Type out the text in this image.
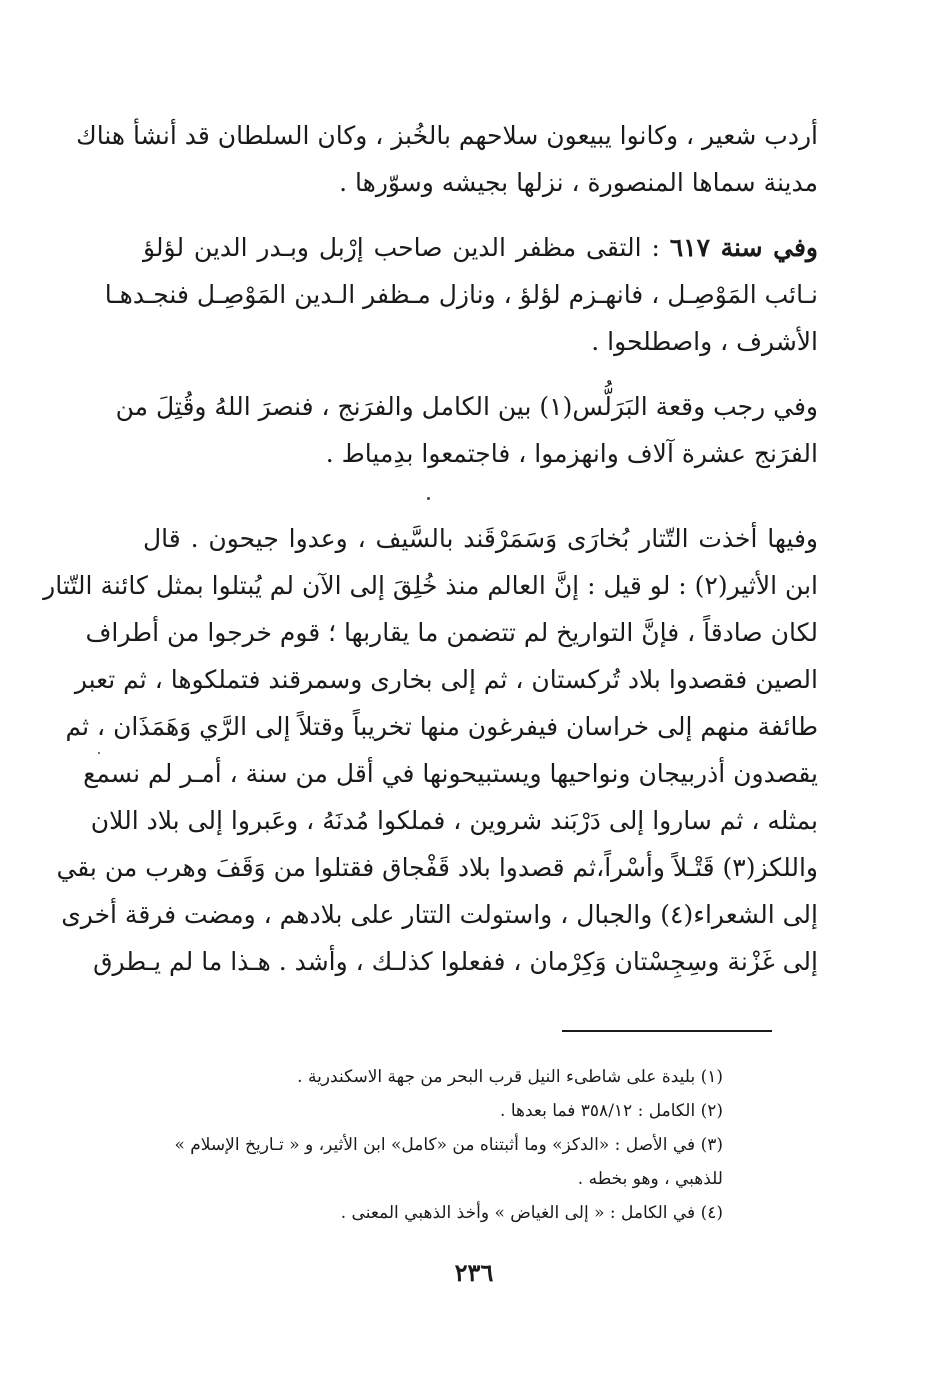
أردب شعير ، وكانوا يبيعون سلاحهم بالخُبز ، وكان السلطان قد أنشأ هناك
مدينة سماها المنصورة ، نزلها بجيشه وسوّرها .
وفي سنة ٦١٧ : التقى مظفر الدين صاحب إرْبل وبـدر الدين لؤلؤ
نـائب المَوْصِـل ، فانهـزم لؤلؤ ، ونازل مـظفر الـدين المَوْصِـل فنجـدهـا
الأشرف ، واصطلحوا .
وفي رجب وقعة البَرَلُّس(١) بين الكامل والفرَنج ، فنصرَ اللهُ وقُتِلَ من
الفرَنج عشرة آلاف وانهزموا ، فاجتمعوا بدِمياط .
وفيها أخذت التّتار بُخارَى وَسَمَرْقَند بالسَّيف ، وعدوا جيحون . قال
ابن الأثير(٢) : لو قيل : إنَّ العالم منذ خُلِقَ إلى الآن لم يُبتلوا بمثل كائنة التّتار
لكان صادقاً ، فإنَّ التواريخ لم تتضمن ما يقاربها ؛ قوم خرجوا من أطراف
الصين فقصدوا بلاد تُركستان ، ثم إلى بخارى وسمرقند فتملكوها ، ثم تعبر
طائفة منهم إلى خراسان فيفرغون منها تخريباً وقتلاً إلى الرَّي وَهَمَذَان ، ثم
يقصدون أذربيجان ونواحيها ويستبيحونها في أقل من سنة ، أمـر لم نسمع
بمثله ، ثم ساروا إلى دَرْبَند شروين ، فملكوا مُدنَهُ ، وعَبروا إلى بلاد اللان
واللكز(٣) قَتْـلاً وأسْراً،ثم قصدوا بلاد قَفْجاق فقتلوا من وَقَفَ وهرب من بقي
إلى الشعراء(٤) والجبال ، واستولت التتار على بلادهم ، ومضت فرقة أخرى
إلى غَزْنة وسِجِسْتان وَكِرْمان ، ففعلوا كذلـك ، وأشد . هـذا ما لم يـطرق
(١) بليدة على شاطىء النيل قرب البحر من جهة الاسكندرية .
(٢) الكامل : ٣٥٨/١٢ فما بعدها .
(٣) في الأصل : «الدكز» وما أثبتناه من «كامل» ابن الأثير، و « تـاريخ الإسلام »
للذهبي ، وهو بخطه .
(٤) في الكامل : « إلى الغياض » وأخذ الذهبي المعنى .
٢٣٦
